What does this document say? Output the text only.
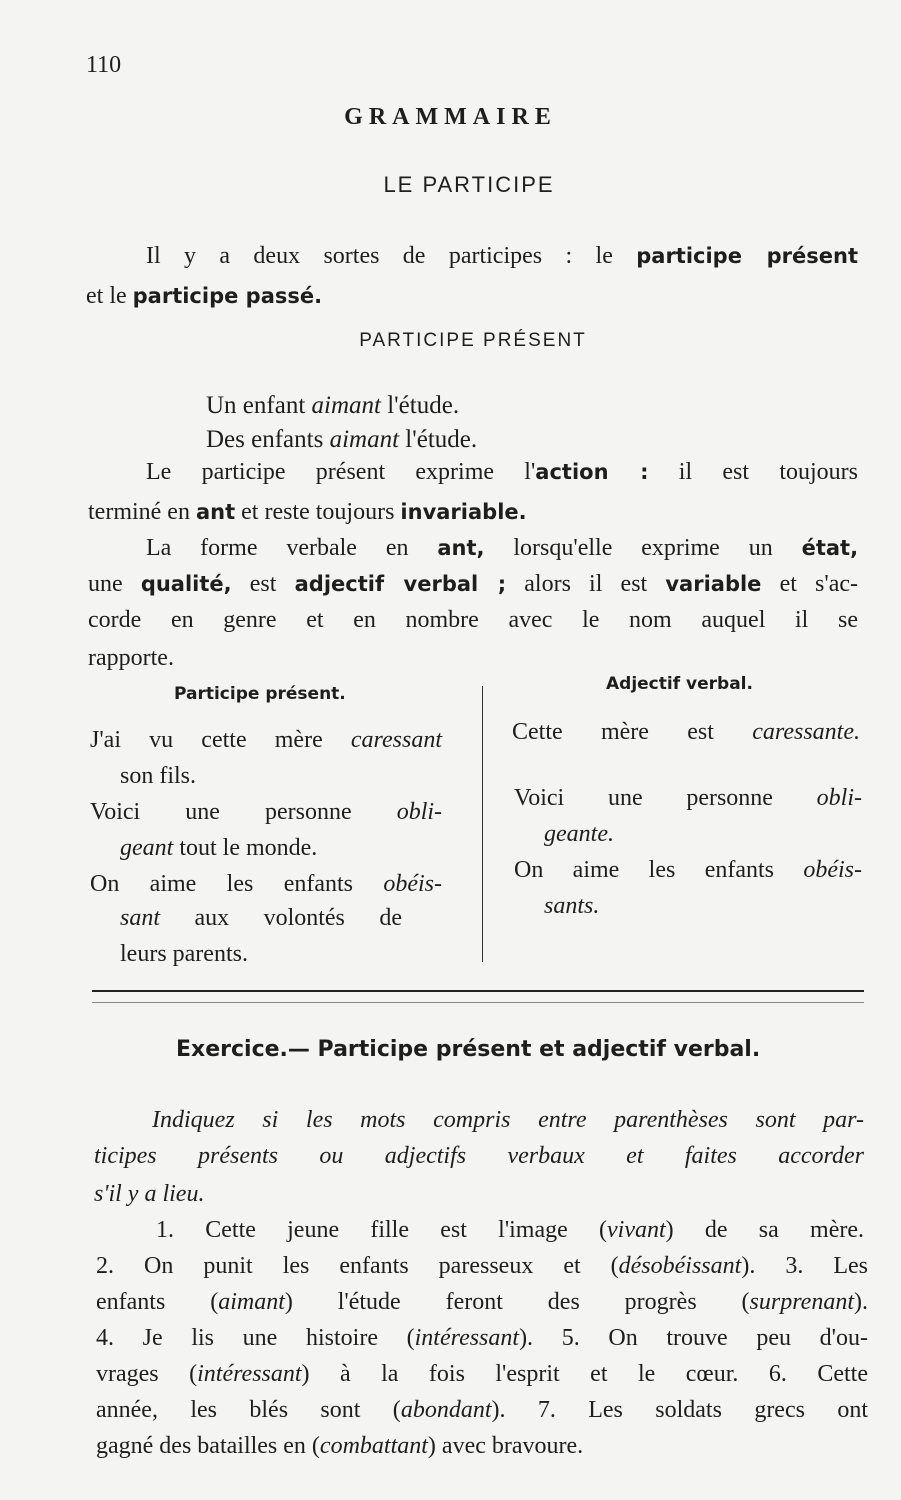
110
GRAMMAIRE
LE PARTICIPE
Il y a deux sortes de participes : le participe présent
et le participe passé.
PARTICIPE PRÉSENT
Un enfant aimant l'étude.
Des enfants aimant l'étude.
Le participe présent exprime l'action : il est toujours
terminé en ant et reste toujours invariable.
La forme verbale en ant, lorsqu'elle exprime un état,
une qualité, est adjectif verbal ; alors il est variable et s'ac-
corde en genre et en nombre avec le nom auquel il se
rapporte.
Participe présent.	Adjectif verbal.
J'ai vu cette mère caressant
son fils.
Voici une personne obli-
geant tout le monde.
On aime les enfants obéis-
sant aux volontés de
leurs parents.
Cette mère est caressante.
Voici une personne obli-
geante.
On aime les enfants obéis-
sants.
Exercice.— Participe présent et adjectif verbal.
Indiquez si les mots compris entre parenthèses sont par-
ticipes présents ou adjectifs verbaux et faites accorder
s'il y a lieu.
1. Cette jeune fille est l'image (vivant) de sa mère.
2. On punit les enfants paresseux et (désobéissant). 3. Les
enfants (aimant) l'étude feront des progrès (surprenant).
4. Je lis une histoire (intéressant). 5. On trouve peu d'ou-
vrages (intéressant) à la fois l'esprit et le cœur. 6. Cette
année, les blés sont (abondant). 7. Les soldats grecs ont
gagné des batailles en (combattant) avec bravoure.
